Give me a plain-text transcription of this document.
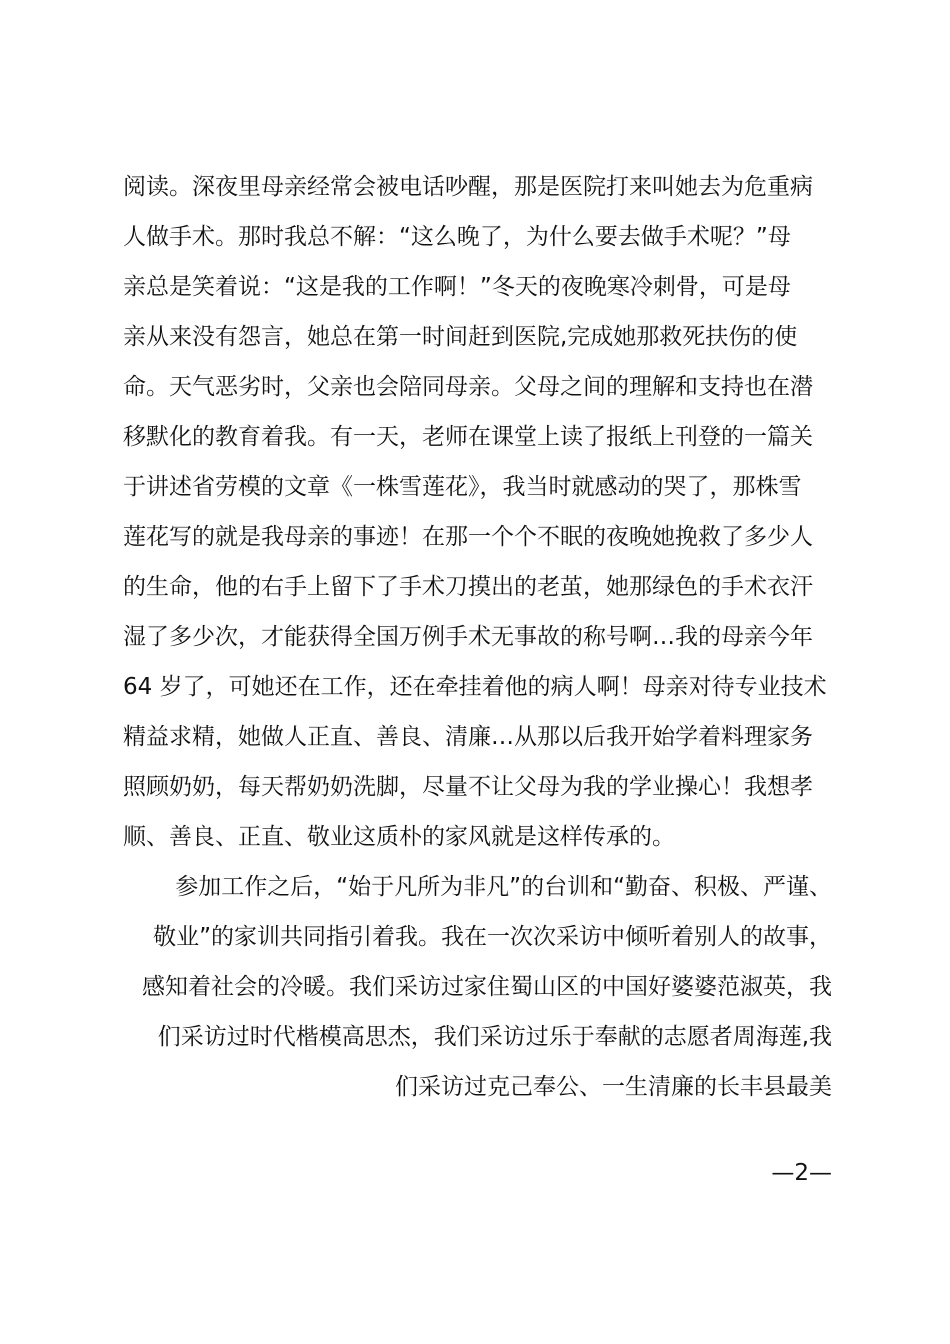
阅读。深夜里母亲经常会被电话吵醒，那是医院打来叫她去为危重病
人做手术。那时我总不解：“这么晚了，为什么要去做手术呢？”母
亲总是笑着说：“这是我的工作啊！”冬天的夜晚寒冷刺骨，可是母
亲从来没有怨言，她总在第一时间赶到医院,完成她那救死扶伤的使
命。天气恶劣时，父亲也会陪同母亲。父母之间的理解和支持也在潜
移默化的教育着我。有一天，老师在课堂上读了报纸上刊登的一篇关
于讲述省劳模的文章《一株雪莲花》，我当时就感动的哭了，那株雪
莲花写的就是我母亲的事迹！在那一个个不眠的夜晚她挽救了多少人
的生命，他的右手上留下了手术刀摸出的老茧，她那绿色的手术衣汗
湿了多少次，才能获得全国万例手术无事故的称号啊…我的母亲今年
64 岁了，可她还在工作，还在牵挂着他的病人啊！母亲对待专业技术
精益求精，她做人正直、善良、清廉…从那以后我开始学着料理家务
照顾奶奶，每天帮奶奶洗脚，尽量不让父母为我的学业操心！我想孝
顺、善良、正直、敬业这质朴的家风就是这样传承的。
参加工作之后，“始于凡所为非凡”的台训和“勤奋、积极、严谨、
敬业”的家训共同指引着我。我在一次次采访中倾听着别人的故事，
感知着社会的冷暖。我们采访过家住蜀山区的中国好婆婆范淑英，我
们采访过时代楷模高思杰，我们采访过乐于奉献的志愿者周海莲,我
们采访过克己奉公、一生清廉的长丰县最美
—2—
